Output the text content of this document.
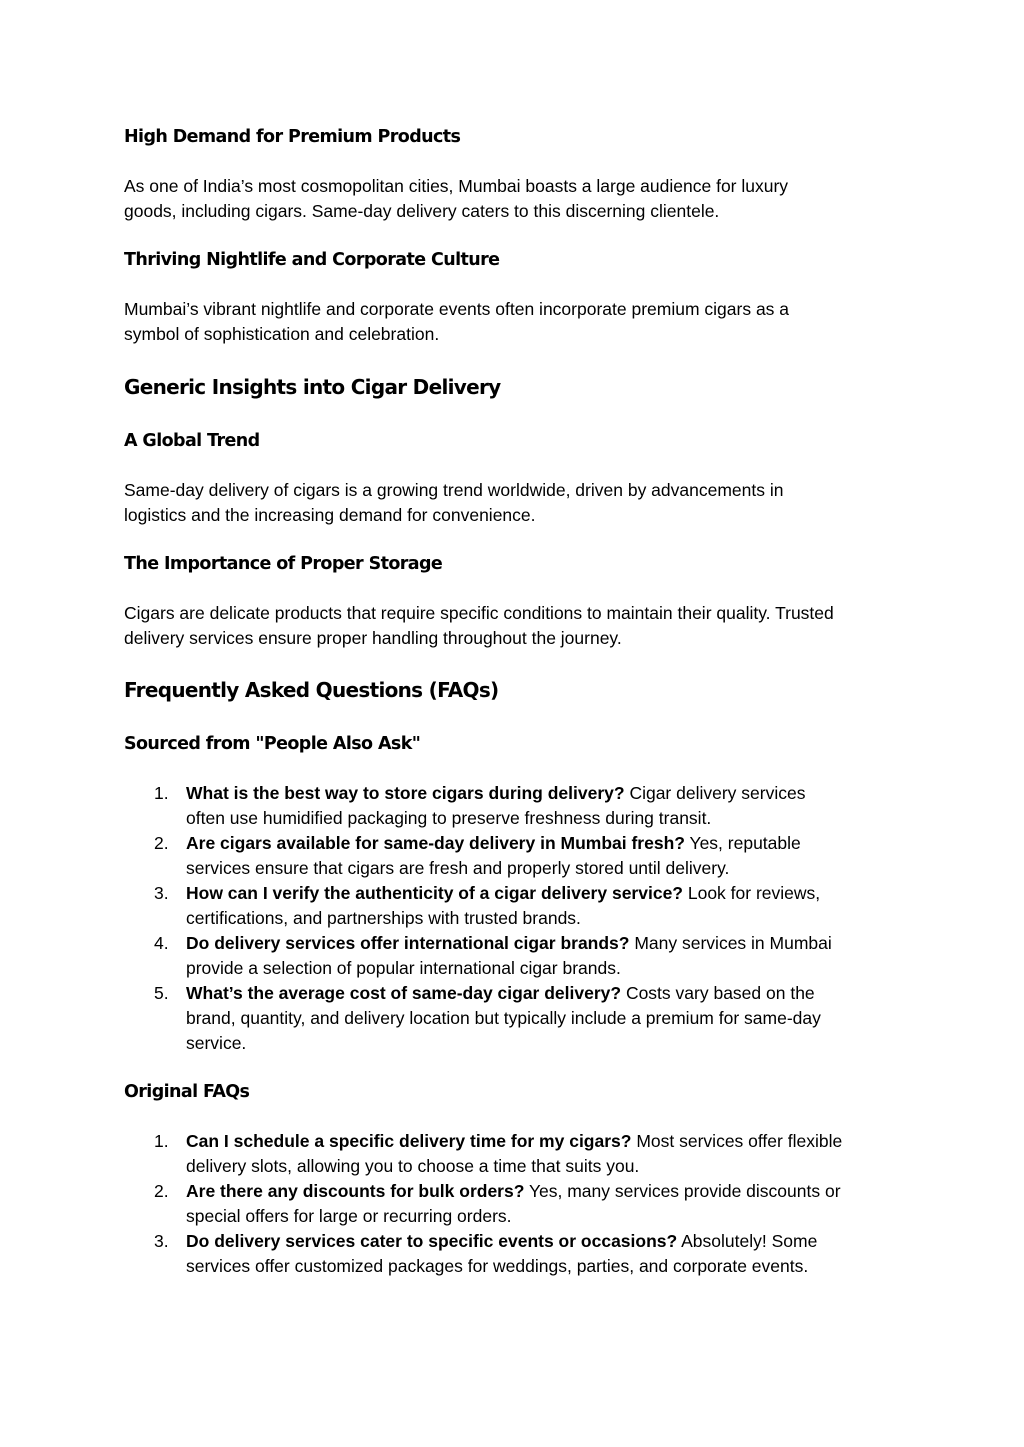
High Demand for Premium Products
As one of India’s most cosmopolitan cities, Mumbai boasts a large audience for luxury
goods, including cigars. Same-day delivery caters to this discerning clientele.
Thriving Nightlife and Corporate Culture
Mumbai’s vibrant nightlife and corporate events often incorporate premium cigars as a
symbol of sophistication and celebration.
Generic Insights into Cigar Delivery
A Global Trend
Same-day delivery of cigars is a growing trend worldwide, driven by advancements in
logistics and the increasing demand for convenience.
The Importance of Proper Storage
Cigars are delicate products that require specific conditions to maintain their quality. Trusted
delivery services ensure proper handling throughout the journey.
Frequently Asked Questions (FAQs)
Sourced from "People Also Ask"
1. What is the best way to store cigars during delivery? Cigar delivery services
often use humidified packaging to preserve freshness during transit.
2. Are cigars available for same-day delivery in Mumbai fresh? Yes, reputable
services ensure that cigars are fresh and properly stored until delivery.
3. How can I verify the authenticity of a cigar delivery service? Look for reviews,
certifications, and partnerships with trusted brands.
4. Do delivery services offer international cigar brands? Many services in Mumbai
provide a selection of popular international cigar brands.
5. What’s the average cost of same-day cigar delivery? Costs vary based on the
brand, quantity, and delivery location but typically include a premium for same-day
service.
Original FAQs
1. Can I schedule a specific delivery time for my cigars? Most services offer flexible
delivery slots, allowing you to choose a time that suits you.
2. Are there any discounts for bulk orders? Yes, many services provide discounts or
special offers for large or recurring orders.
3. Do delivery services cater to specific events or occasions? Absolutely! Some
services offer customized packages for weddings, parties, and corporate events.
